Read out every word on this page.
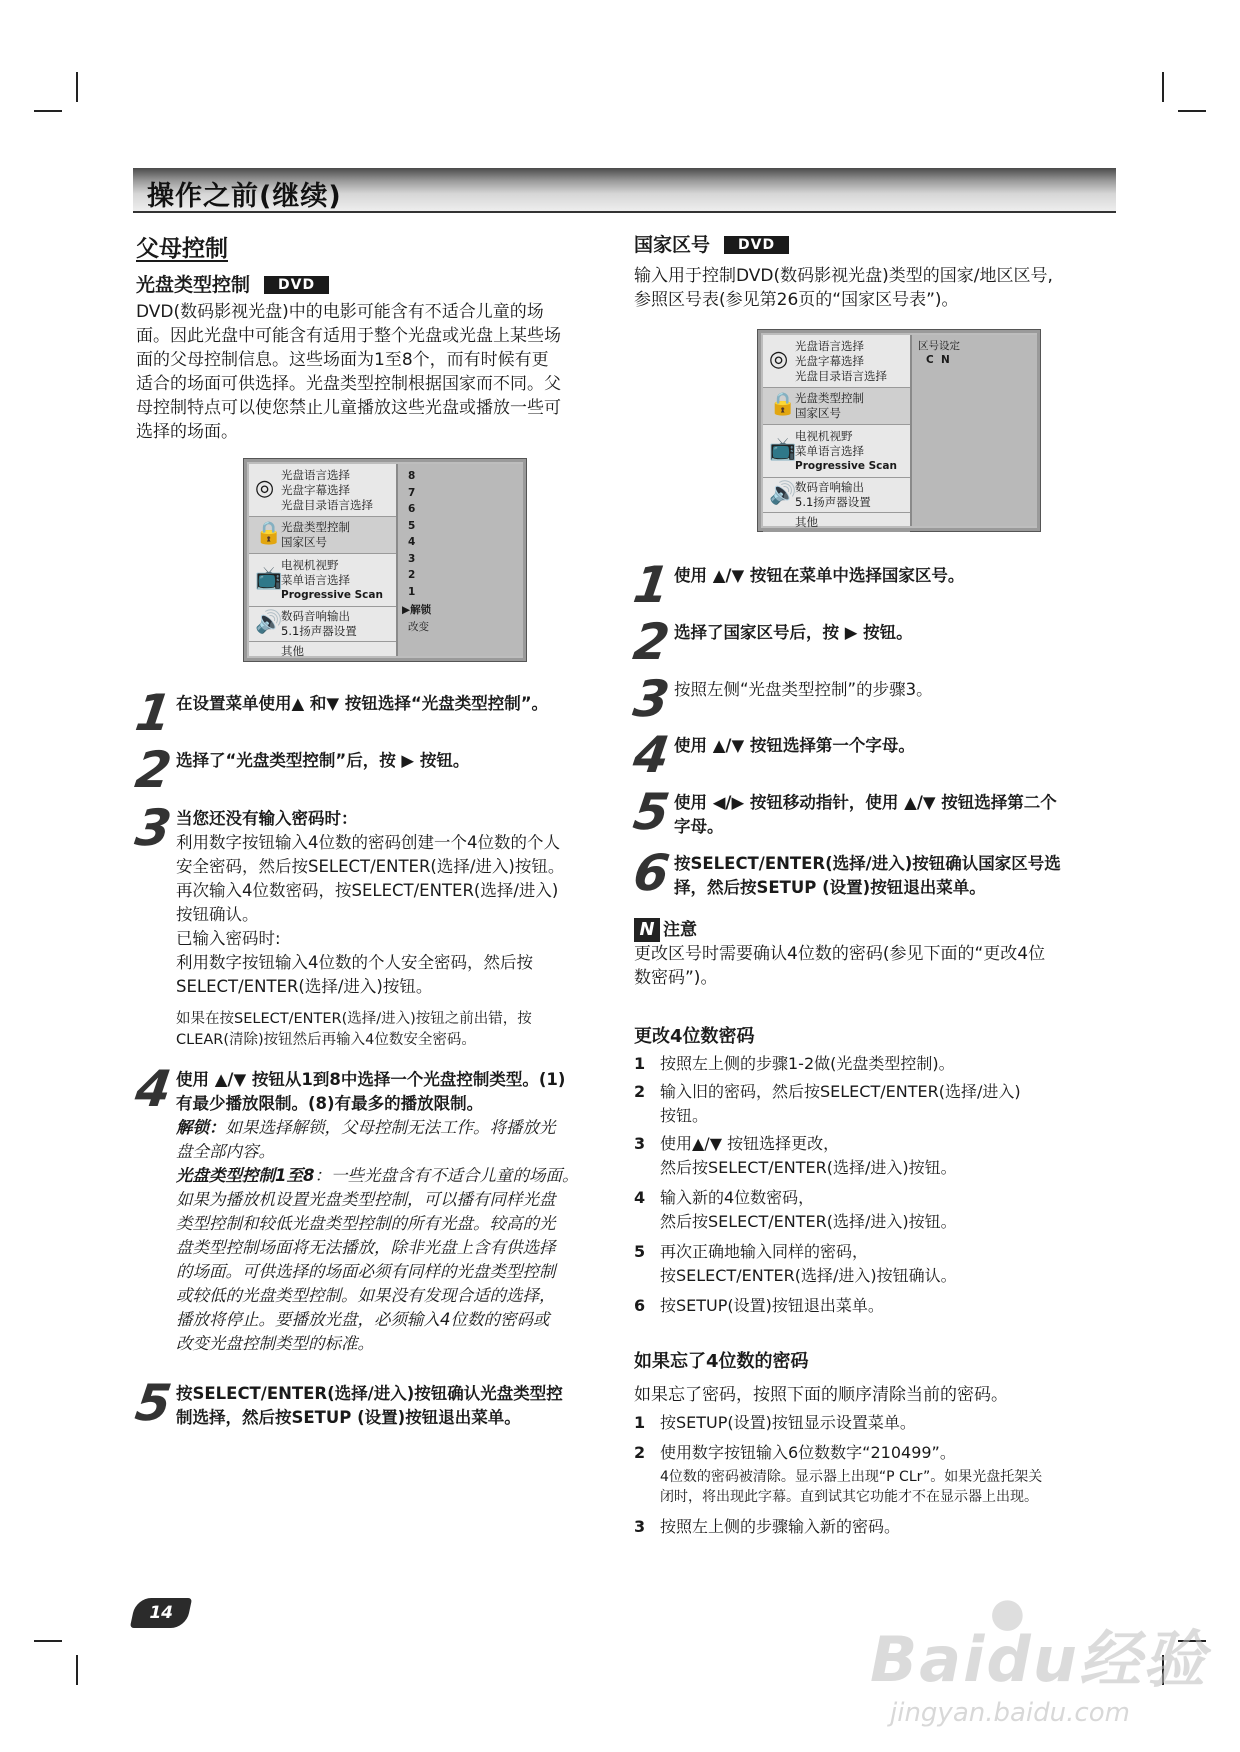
操作之前(继续)
父母控制
光盘类型控制 DVD
DVD(数码影视光盘)中的电影可能含有不适合儿童的场
面。因此光盘中可能含有适用于整个光盘或光盘上某些场
面的父母控制信息。这些场面为1至8个，而有时候有更
适合的场面可供选择。光盘类型控制根据国家而不同。父
母控制特点可以使您禁止儿童播放这些光盘或播放一些可
选择的场面。
◎
光盘语言选择
光盘字幕选择
光盘目录语言选择
🔒
光盘类型控制
国家区号
📺
电视机视野
菜单语言选择
Progressive Scan
🔊
数码音响输出
5.1扬声器设置
其他
8
7
6
5
4
3
2
1
▶解锁
改变
1 在设置菜单使用▲ 和▼ 按钮选择“光盘类型控制”。
2 选择了“光盘类型控制”后，按 ▶ 按钮。
3 当您还没有输入密码时：
利用数字按钮输入4位数的密码创建一个4位数的个人
安全密码，然后按SELECT/ENTER(选择/进入)按钮。
再次输入4位数密码，按SELECT/ENTER(选择/进入)
按钮确认。
已输入密码时:
利用数字按钮输入4位数的个人安全密码，然后按
SELECT/ENTER(选择/进入)按钮。
如果在按SELECT/ENTER(选择/进入)按钮之前出错，按
CLEAR(清除)按钮然后再输入4位数安全密码。
4 使用 ▲/▼ 按钮从1到8中选择一个光盘控制类型。(1)
有最少播放限制。(8)有最多的播放限制。
解锁：如果选择解锁，父母控制无法工作。将播放光
盘全部内容。
光盘类型控制1至8：一些光盘含有不适合儿童的场面。
如果为播放机设置光盘类型控制，可以播有同样光盘
类型控制和较低光盘类型控制的所有光盘。较高的光
盘类型控制场面将无法播放，除非光盘上含有供选择
的场面。可供选择的场面必须有同样的光盘类型控制
或较低的光盘类型控制。如果没有发现合适的选择，
播放将停止。要播放光盘，必须输入4位数的密码或
改变光盘控制类型的标准。
5 按SELECT/ENTER(选择/进入)按钮确认光盘类型控
制选择，然后按SETUP (设置)按钮退出菜单。
国家区号 DVD
输入用于控制DVD(数码影视光盘)类型的国家/地区区号,
参照区号表(参见第26页的“国家区号表”)。
◎
光盘语言选择
光盘字幕选择
光盘目录语言选择
🔒
光盘类型控制
国家区号
📺
电视机视野
菜单语言选择
Progressive Scan
🔊
数码音响输出
5.1扬声器设置
其他
区号设定
C  N
1 使用 ▲/▼ 按钮在菜单中选择国家区号。
2 选择了国家区号后，按 ▶ 按钮。
3 按照左侧“光盘类型控制”的步骤3。
4 使用 ▲/▼ 按钮选择第一个字母。
5 使用 ◀/▶ 按钮移动指针，使用 ▲/▼ 按钮选择第二个
字母。
6 按SELECT/ENTER(选择/进入)按钮确认国家区号选
择，然后按SETUP (设置)按钮退出菜单。
N 注意
更改区号时需要确认4位数的密码(参见下面的“更改4位
数密码”)。
更改4位数密码
1 按照左上侧的步骤1-2做(光盘类型控制)。
2 输入旧的密码，然后按SELECT/ENTER(选择/进入)
按钮。
3 使用▲/▼ 按钮选择更改，
然后按SELECT/ENTER(选择/进入)按钮。
4 输入新的4位数密码，
然后按SELECT/ENTER(选择/进入)按钮。
5 再次正确地输入同样的密码，
按SELECT/ENTER(选择/进入)按钮确认。
6 按SETUP(设置)按钮退出菜单。
如果忘了4位数的密码
如果忘了密码，按照下面的顺序清除当前的密码。
1 按SETUP(设置)按钮显示设置菜单。
2 使用数字按钮输入6位数数字“210499”。
4位数的密码被清除。显示器上出现“P CLr”。如果光盘托架关
闭时，将出现此字幕。直到试其它功能才不在显示器上出现。
3 按照左上侧的步骤输入新的密码。
14
Baidu经验
●
jingyan.baidu.com
